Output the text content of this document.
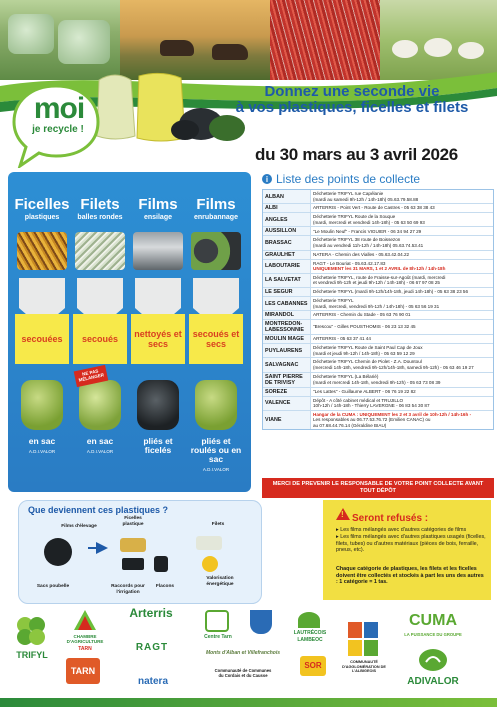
moi
je recycle !
Donnez une seconde vie
à vos plastiques, ficelles et filets
du 30 mars au 3 avril 2026
Ficelles
plastiques
Filets
balles rondes
Films
ensilage
Films
enrubannage
secouées
en sac
A.D.I.VALOR
secoués
NE PAS
MÉLANGER
en sac
A.D.I.VALOR
nettoyés et secs
pliés et ficelés
secoués et secs
pliés et roulés ou en sac
A.D.I.VALOR
i Liste des points de collecte
ALBAN
Déchetterie TRIFYL rue Capélanie
(mardi au samedi 9h-12h / 14h-18h) 05.63.79.58.88
ALBI	ARTERRIS - Point Vert - Route de Castres - 05 63 38 38 43
ANGLES
Déchetterie TRIFYL Route de la Souque
(mardi, mercredi et vendredi 14h-18h) - 05 63 50 69 93
AUSSILLON	"Le Moulin Neuf" - Francis VIGUIER - 06 34 94 27 29
BRASSAC
Déchetterie TRIFYL 38 route de Boissezon
(mardi au vendredi 11h-12h / 14h-18h) 05.63.74.53.41
GRAULHET	NATERA - Chemin des Vialles - 05.63.42.04.22
LABOUTARIE
RAGT - Le Bouriat - 05.63.42.17.83
UNIQUEMENT les 31 MARS, 1 et 2 AVRIL de 8h-12h / 14h-18h
LA SALVETAT
Déchetterie TRIFYL, route de Fraisse-sur-Agoût (mardi, mercredi
et vendredi 9h-12h et jeudi 9h-12h / 14h-18h) - 06 67 97 08 25
LE SEGUR	Déchetterie TRIFYL (mardi 9h-12h/14h-18h, jeudi 14h-18h) - 05 63 38 23 56
LES CABANNES
Déchetterie TRIFYL
(mardi, mercredi, vendredi 9h-12h / 14h-18h) - 05 63 56 19 31
MIRANDOL	ARTERRIS - Chemin du Stade - 05 63 76 90 01
MONTREDON-LABESSONNIE
"Brescou" - Gilles POUSTHOMIS - 06 23 13 32 45
MOULIN MAGE	ARTERRIS - 05 63 37 41 44
PUYLAURENS
Déchetterie TRIFYL Route de Saint Paul Cap de Joux
(mardi et jeudi 9h-12h / 14h-18h) - 05 63 59 12 29
SALVAGNAC
Déchetterie TRIFYL Chemin de Piolet - Z.A. Dountoul
(mercredi 14h-18h, vendredi 9h-12h/14h-18h, samedi 9h-12h) - 05 63 46 19 27
SAINT PIERRE DE TRIVISY
Déchetterie TRIFYL (La Bélarié)
(mardi et mercredi 14h-18h, vendredi 9h-12h) - 05 63 73 08 39
SOREZE	"Les Lattes" - Guillaume ALBERT - 06 76 19 22 82
VALENCE
Dépôt - A côté cabinet médical et TRUJILLO
10h-12h / 14h-18h - Thierry LAVERGNE - 06 83 54 30 87
VIANE
Hangar de la CUMA : UNIQUEMENT les 2 et 3 avril de 10h-12h / 14h-16h -
Les responsables au 06.77.53.76.72 (Emilien CANAC) ou
au 07.68.44.76.14 (Géraldine BIAU)
MERCI DE PREVENIR LE RESPONSABLE DE VOTRE POINT COLLECTE AVANT TOUT DÉPÔT
Que deviennent ces plastiques ?
Films d'élevage
Sacs poubelle
Ficelles plastique
Raccords pour l'irrigation
Flacons
Filets
Valorisation énergétique
! Seront refusés :
▸ Les films mélangés avec d'autres catégories de films
▸ Les films mélangés avec d'autres plastiques usagés (ficelles, filets, tubes) ou d'autres matériaux (pièces de bois, ferraille, pneus, etc).
Chaque catégorie de plastiques, les filets et les ficelles doivent être collectés et stockés à part les uns des autres : 1 catégorie = 1 tas.
TRIFYL
CHAMBRE D'AGRICULTURE
TARN
TARN
Arterris
RAGT
natera
Centre Tarn
Monts d'Alban et Villefranchois
Communauté de Communes du Cordais et du Causse
LAUTRÉCOIS
LAMBEOC
SOR	COMMUNAUTÉ D'AGGLOMÉRATION DE L'ALBIGEOIS
CUMA
LA PUISSANCE DU GROUPE
ADIVALOR
